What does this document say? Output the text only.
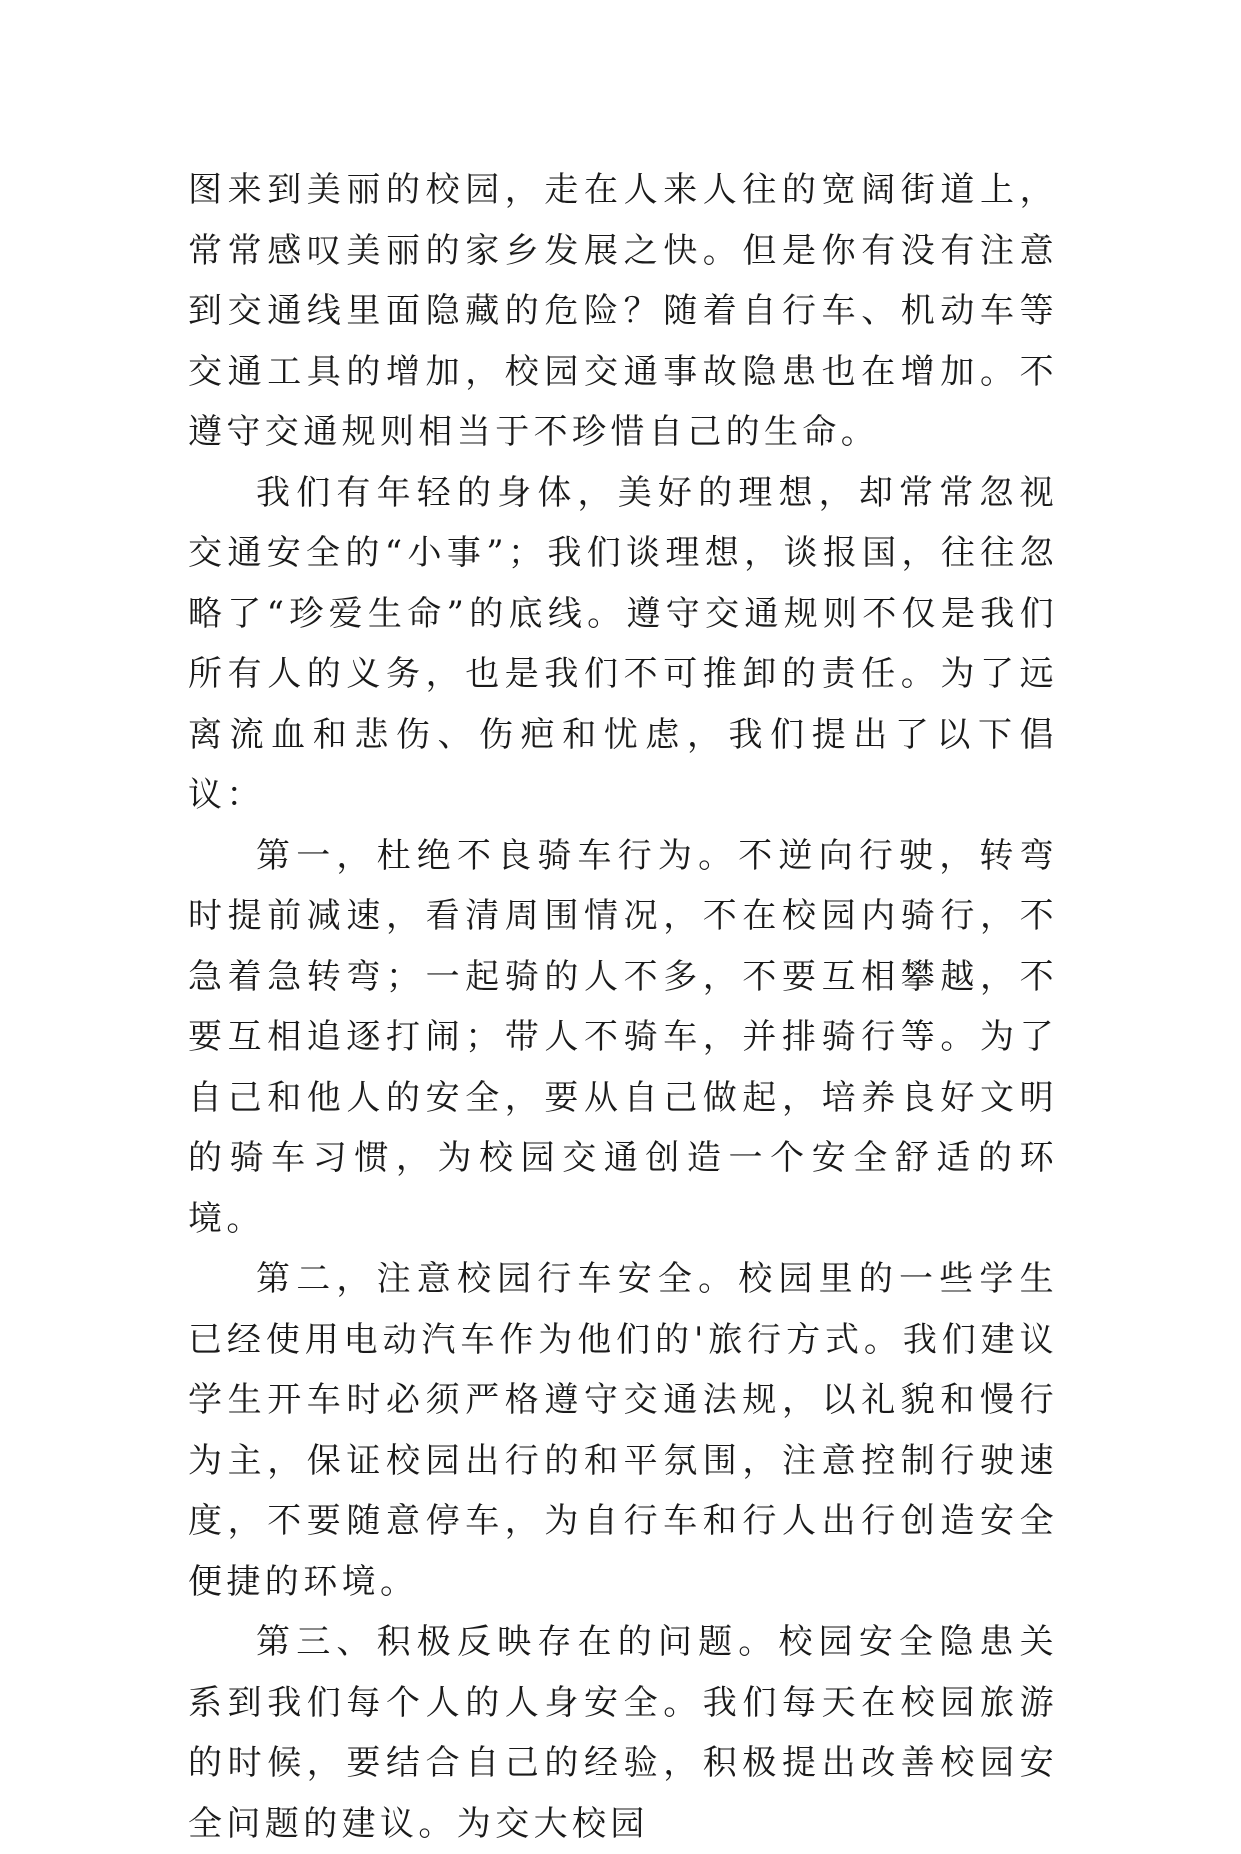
图来到美丽的校园，走在人来人往的宽阔街道上，常常感叹美丽的家乡发展之快。但是你有没有注意到交通线里面隐藏的危险？随着自行车、机动车等交通工具的增加，校园交通事故隐患也在增加。不遵守交通规则相当于不珍惜自己的生命。

我们有年轻的身体，美好的理想，却常常忽视交通安全的“小事”；我们谈理想，谈报国，往往忽略了“珍爱生命”的底线。遵守交通规则不仅是我们所有人的义务，也是我们不可推卸的责任。为了远离流血和悲伤、伤疤和忧虑，我们提出了以下倡议：

第一，杜绝不良骑车行为。不逆向行驶，转弯时提前减速，看清周围情况，不在校园内骑行，不急着急转弯；一起骑的人不多，不要互相攀越，不要互相追逐打闹；带人不骑车，并排骑行等。为了自己和他人的安全，要从自己做起，培养良好文明的骑车习惯，为校园交通创造一个安全舒适的环境。

第二，注意校园行车安全。校园里的一些学生已经使用电动汽车作为他们的'旅行方式。我们建议学生开车时必须严格遵守交通法规，以礼貌和慢行为主，保证校园出行的和平氛围，注意控制行驶速度，不要随意停车，为自行车和行人出行创造安全便捷的环境。

第三、积极反映存在的问题。校园安全隐患关系到我们每个人的人身安全。我们每天在校园旅游的时候，要结合自己的经验，积极提出改善校园安全问题的建议。为交大校园
